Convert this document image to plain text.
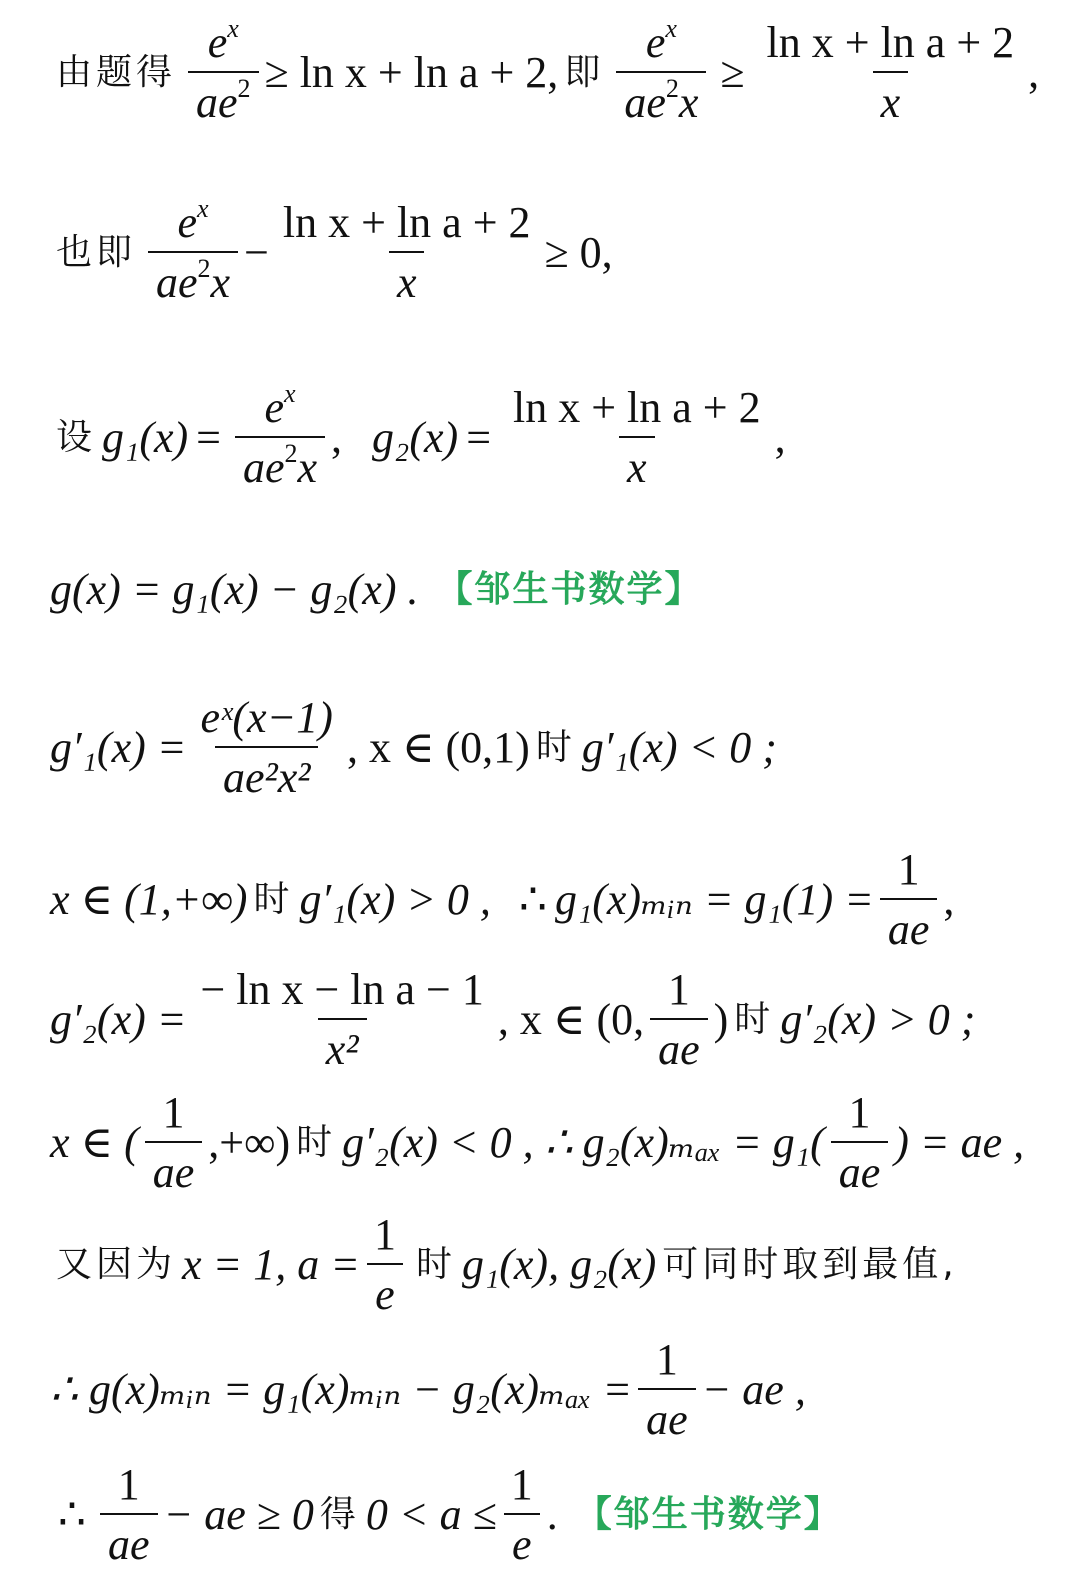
由题得 $\frac{e^x}{ae^2} \ge \ln x + \ln a + 2$, 即 $\frac{e^x}{ae^2x} \ge \frac{\text{ln x + ln a + 2}}{x}$ ,
也即 $\frac{e^x}{ae^2x} - \frac{\text{ln x + ln a + 2}}{x} \ge 0$,
设 $g_1(x) = \frac{e^x}{ae^2x}$ , $g_2(x) = \frac{\text{ln x + ln a + 2}}{x}$ ,
g(x) = g₁(x) − g₂(x) . 【邹生书数学】
$g'_1(x) = \frac{\text{eˣ(x−1)}}{\text{ae²x²}}$ , x ∈ (0,1) 时 g′₁(x) < 0 ;
x ∈ (1,+∞) 时 g′₁(x) > 0 , ∴ g₁(x)ₘᵢₙ = $g_1(1) = \frac{1}{ae}$ ,
$g'_2(x) = \frac{\text{− ln x − ln a − 1}}{\text{x²}}$ , x ∈ (0, $\frac{1}{ae}$ ) 时 g′₂(x) > 0 ;
x ∈ ( $\frac{1}{ae}$ ,+∞) 时 g′₂(x) < 0 , ∴ $g_2(x)_{max} = g_1( \frac{1}{ae}$ ) = ae ,
又因为 x = 1, $a = \frac{1}{e}$ 时 g₁(x), g₂(x) 可同时取到最值,
∴ g(x)ₘᵢₙ = g₁(x)ₘᵢₙ − $g_2(x)_{max} = \frac{1}{ae}$ − ae ,
∴ $\frac{1}{ae}$ − ae ≥ 0 得 $0 < a \le \frac{1}{e}$ . 【邹生书数学】
